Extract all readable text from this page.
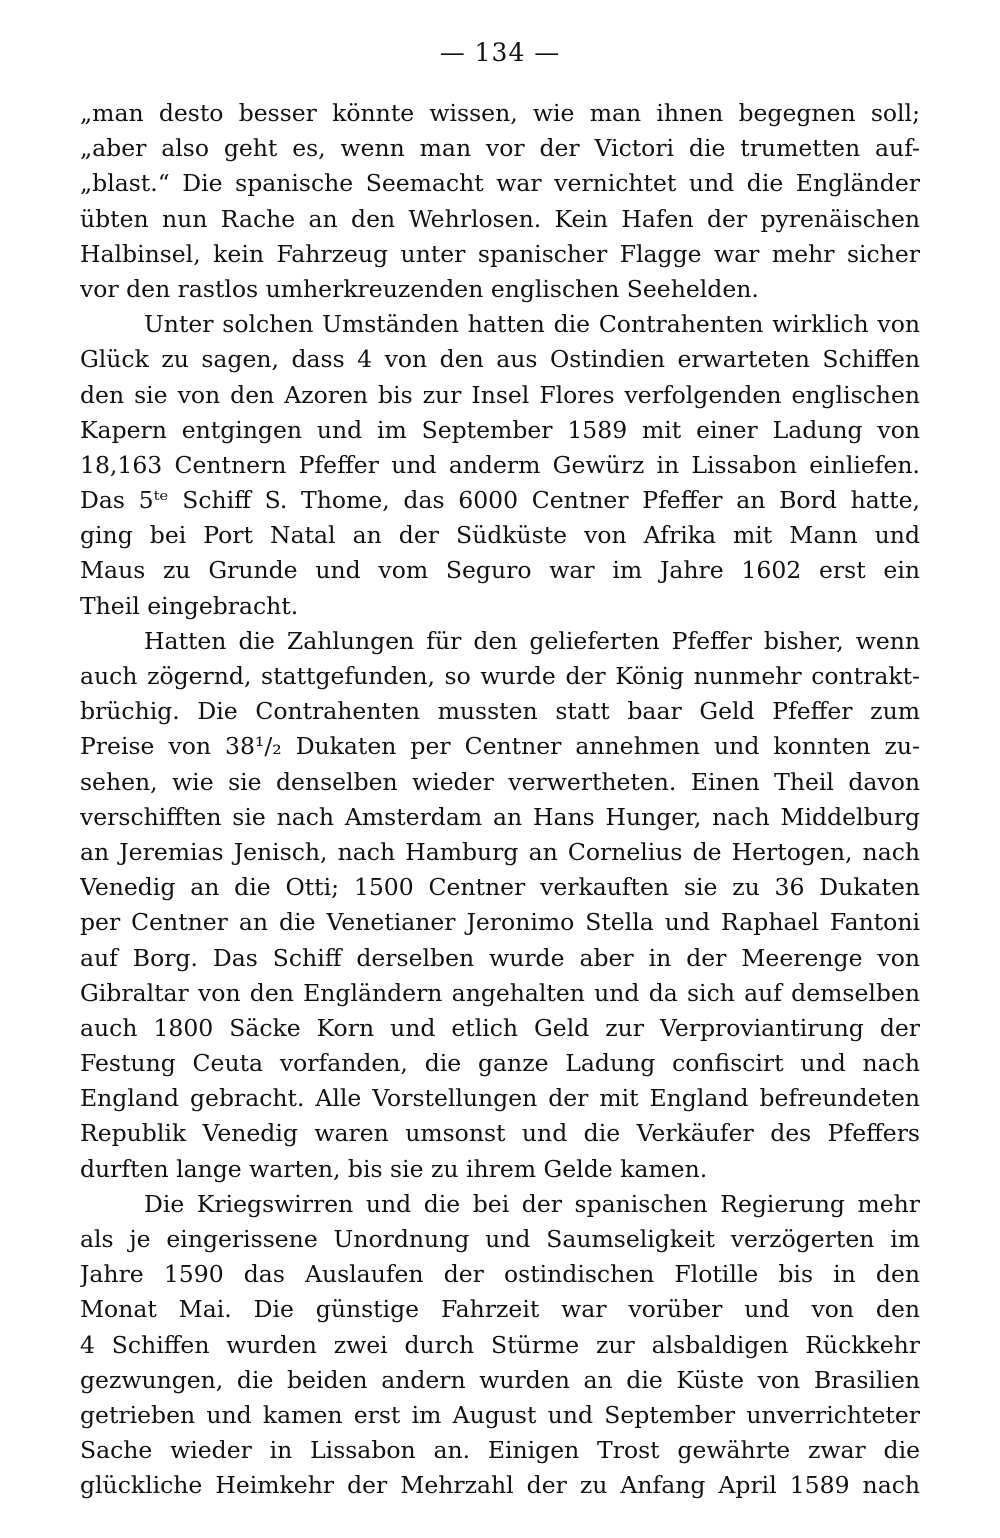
— 134 —
„man desto besser könnte wissen, wie man ihnen begegnen soll;
„aber also geht es, wenn man vor der Victori die trumetten auf-
„blast.“ Die spanische Seemacht war vernichtet und die Engländer
übten nun Rache an den Wehrlosen. Kein Hafen der pyrenäischen
Halbinsel, kein Fahrzeug unter spanischer Flagge war mehr sicher
vor den rastlos umherkreuzenden englischen Seehelden.
Unter solchen Umständen hatten die Contrahenten wirklich von
Glück zu sagen, dass 4 von den aus Ostindien erwarteten Schiffen
den sie von den Azoren bis zur Insel Flores verfolgenden englischen
Kapern entgingen und im September 1589 mit einer Ladung von
18,163 Centnern Pfeffer und anderm Gewürz in Lissabon einliefen.
Das 5ᵗᵉ Schiff S. Thome, das 6000 Centner Pfeffer an Bord hatte,
ging bei Port Natal an der Südküste von Afrika mit Mann und
Maus zu Grunde und vom Seguro war im Jahre 1602 erst ein
Theil eingebracht.
Hatten die Zahlungen für den gelieferten Pfeffer bisher, wenn
auch zögernd, stattgefunden, so wurde der König nunmehr contrakt-
brüchig. Die Contrahenten mussten statt baar Geld Pfeffer zum
Preise von 38¹/₂ Dukaten per Centner annehmen und konnten zu-
sehen, wie sie denselben wieder verwertheten. Einen Theil davon
verschifften sie nach Amsterdam an Hans Hunger, nach Middelburg
an Jeremias Jenisch, nach Hamburg an Cornelius de Hertogen, nach
Venedig an die Otti; 1500 Centner verkauften sie zu 36 Dukaten
per Centner an die Venetianer Jeronimo Stella und Raphael Fantoni
auf Borg. Das Schiff derselben wurde aber in der Meerenge von
Gibraltar von den Engländern angehalten und da sich auf demselben
auch 1800 Säcke Korn und etlich Geld zur Verproviantirung der
Festung Ceuta vorfanden, die ganze Ladung confiscirt und nach
England gebracht. Alle Vorstellungen der mit England befreundeten
Republik Venedig waren umsonst und die Verkäufer des Pfeffers
durften lange warten, bis sie zu ihrem Gelde kamen.
Die Kriegswirren und die bei der spanischen Regierung mehr
als je eingerissene Unordnung und Saumseligkeit verzögerten im
Jahre 1590 das Auslaufen der ostindischen Flotille bis in den
Monat Mai. Die günstige Fahrzeit war vorüber und von den
4 Schiffen wurden zwei durch Stürme zur alsbaldigen Rückkehr
gezwungen, die beiden andern wurden an die Küste von Brasilien
getrieben und kamen erst im August und September unverrichteter
Sache wieder in Lissabon an. Einigen Trost gewährte zwar die
glückliche Heimkehr der Mehrzahl der zu Anfang April 1589 nach
